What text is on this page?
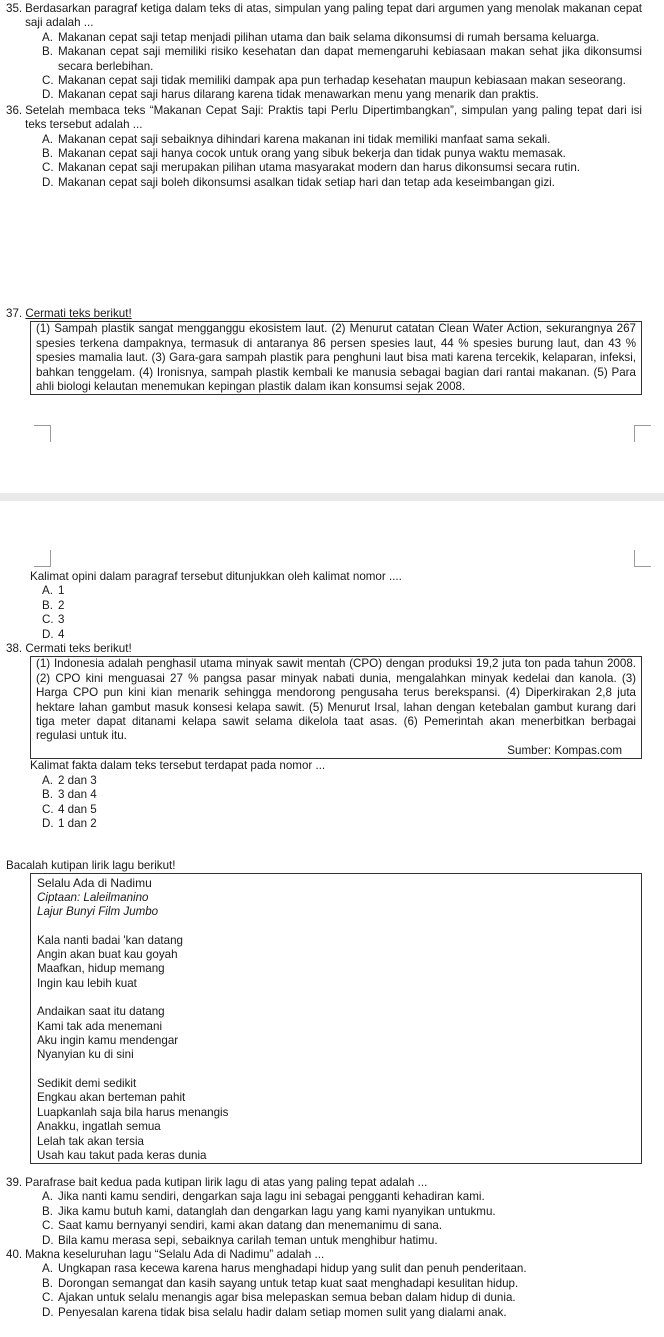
35. Berdasarkan paragraf ketiga dalam teks di atas, simpulan yang paling tepat dari argumen yang menolak makanan cepat saji adalah ...
A. Makanan cepat saji tetap menjadi pilihan utama dan baik selama dikonsumsi di rumah bersama keluarga.
B. Makanan cepat saji memiliki risiko kesehatan dan dapat memengaruhi kebiasaan makan sehat jika dikonsumsi secara berlebihan.
C. Makanan cepat saji tidak memiliki dampak apa pun terhadap kesehatan maupun kebiasaan makan seseorang.
D. Makanan cepat saji harus dilarang karena tidak menawarkan menu yang menarik dan praktis.
36. Setelah membaca teks “Makanan Cepat Saji: Praktis tapi Perlu Dipertimbangkan”, simpulan yang paling tepat dari isi teks tersebut adalah ...
A. Makanan cepat saji sebaiknya dihindari karena makanan ini tidak memiliki manfaat sama sekali.
B. Makanan cepat saji hanya cocok untuk orang yang sibuk bekerja dan tidak punya waktu memasak.
C. Makanan cepat saji merupakan pilihan utama masyarakat modern dan harus dikonsumsi secara rutin.
D. Makanan cepat saji boleh dikonsumsi asalkan tidak setiap hari dan tetap ada keseimbangan gizi.
37. Cermati teks berikut!
(1) Sampah plastik sangat mengganggu ekosistem laut. (2) Menurut catatan Clean Water Action, sekurangnya 267 spesies terkena dampaknya, termasuk di antaranya 86 persen spesies laut, 44 % spesies burung laut, dan 43 % spesies mamalia laut. (3) Gara-gara sampah plastik para penghuni laut bisa mati karena tercekik, kelaparan, infeksi, bahkan tenggelam. (4) Ironisnya, sampah plastik kembali ke manusia sebagai bagian dari rantai makanan. (5) Para ahli biologi kelautan menemukan kepingan plastik dalam ikan konsumsi sejak 2008.
Kalimat opini dalam paragraf tersebut ditunjukkan oleh kalimat nomor ....
A. 1
B. 2
C. 3
D. 4
38. Cermati teks berikut!
(1) Indonesia adalah penghasil utama minyak sawit mentah (CPO) dengan produksi 19,2 juta ton pada tahun 2008. (2) CPO kini menguasai 27 % pangsa pasar minyak nabati dunia, mengalahkan minyak kedelai dan kanola. (3) Harga CPO pun kini kian menarik sehingga mendorong pengusaha terus berekspansi. (4) Diperkirakan 2,8 juta hektare lahan gambut masuk konsesi kelapa sawit. (5) Menurut Irsal, lahan dengan ketebalan gambut kurang dari tiga meter dapat ditanami kelapa sawit selama dikelola taat asas. (6) Pemerintah akan menerbitkan berbagai regulasi untuk itu.
Sumber: Kompas.com
Kalimat fakta dalam teks tersebut terdapat pada nomor ...
A. 2 dan 3
B. 3 dan 4
C. 4 dan 5
D. 1 dan 2
Bacalah kutipan lirik lagu berikut!
Selalu Ada di Nadimu
Ciptaan: Laleilmanino
Lajur Bunyi Film Jumbo
Kala nanti badai 'kan datang
Angin akan buat kau goyah
Maafkan, hidup memang
Ingin kau lebih kuat
Andaikan saat itu datang
Kami tak ada menemani
Aku ingin kamu mendengar
Nyanyian ku di sini
Sedikit demi sedikit
Engkau akan berteman pahit
Luapkanlah saja bila harus menangis
Anakku, ingatlah semua
Lelah tak akan tersia
Usah kau takut pada keras dunia
39. Parafrase bait kedua pada kutipan lirik lagu di atas yang paling tepat adalah ...
A. Jika nanti kamu sendiri, dengarkan saja lagu ini sebagai pengganti kehadiran kami.
B. Jika kamu butuh kami, datanglah dan dengarkan lagu yang kami nyanyikan untukmu.
C. Saat kamu bernyanyi sendiri, kami akan datang dan menemanimu di sana.
D. Bila kamu merasa sepi, sebaiknya carilah teman untuk menghibur hatimu.
40. Makna keseluruhan lagu “Selalu Ada di Nadimu” adalah ...
A. Ungkapan rasa kecewa karena harus menghadapi hidup yang sulit dan penuh penderitaan.
B. Dorongan semangat dan kasih sayang untuk tetap kuat saat menghadapi kesulitan hidup.
C. Ajakan untuk selalu menangis agar bisa melepaskan semua beban dalam hidup di dunia.
D. Penyesalan karena tidak bisa selalu hadir dalam setiap momen sulit yang dialami anak.
